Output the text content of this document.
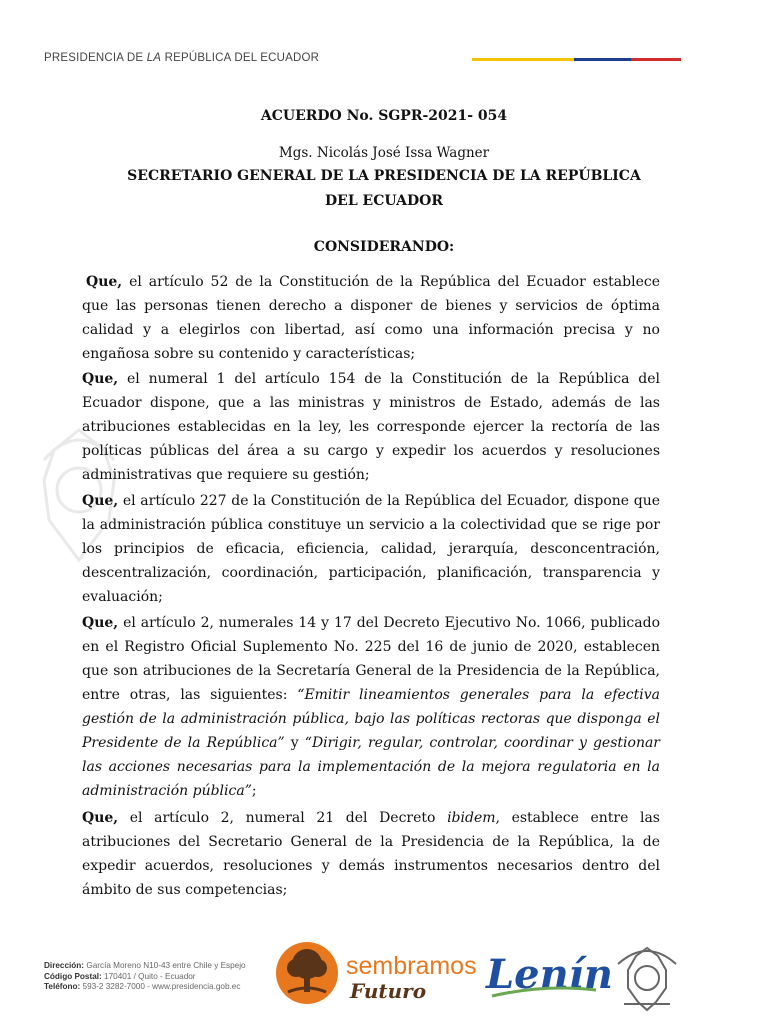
PRESIDENCIA DE LA REPÚBLICA DEL ECUADOR
ACUERDO No. SGPR-2021- 054
Mgs. Nicolás José Issa Wagner
SECRETARIO GENERAL DE LA PRESIDENCIA DE LA REPÚBLICA
DEL ECUADOR
CONSIDERANDO:
Que, el artículo 52 de la Constitución de la República del Ecuador establece que las personas tienen derecho a disponer de bienes y servicios de óptima calidad y a elegirlos con libertad, así como una información precisa y no engañosa sobre su contenido y características;
Que, el numeral 1 del artículo 154 de la Constitución de la República del Ecuador dispone, que a las ministras y ministros de Estado, además de las atribuciones establecidas en la ley, les corresponde ejercer la rectoría de las políticas públicas del área a su cargo y expedir los acuerdos y resoluciones administrativas que requiere su gestión;
Que, el artículo 227 de la Constitución de la República del Ecuador, dispone que la administración pública constituye un servicio a la colectividad que se rige por los principios de eficacia, eficiencia, calidad, jerarquía, desconcentración, descentralización, coordinación, participación, planificación, transparencia y evaluación;
Que, el artículo 2, numerales 14 y 17 del Decreto Ejecutivo No. 1066, publicado en el Registro Oficial Suplemento No. 225 del 16 de junio de 2020, establecen que son atribuciones de la Secretaría General de la Presidencia de la República, entre otras, las siguientes: “Emitir lineamientos generales para la efectiva gestión de la administración pública, bajo las políticas rectoras que disponga el Presidente de la República” y “Dirigir, regular, controlar, coordinar y gestionar las acciones necesarias para la implementación de la mejora regulatoria en la administración pública”;
Que, el artículo 2, numeral 21 del Decreto ibidem, establece entre las atribuciones del Secretario General de la Presidencia de la República, la de expedir acuerdos, resoluciones y demás instrumentos necesarios dentro del ámbito de sus competencias;
Dirección: García Moreno N10-43 entre Chile y Espejo
Código Postal: 170401 / Quito - Ecuador
Teléfono: 593-2 3282-7000 - www.presidencia.gob.ec
sembramos
Futuro Lenín
